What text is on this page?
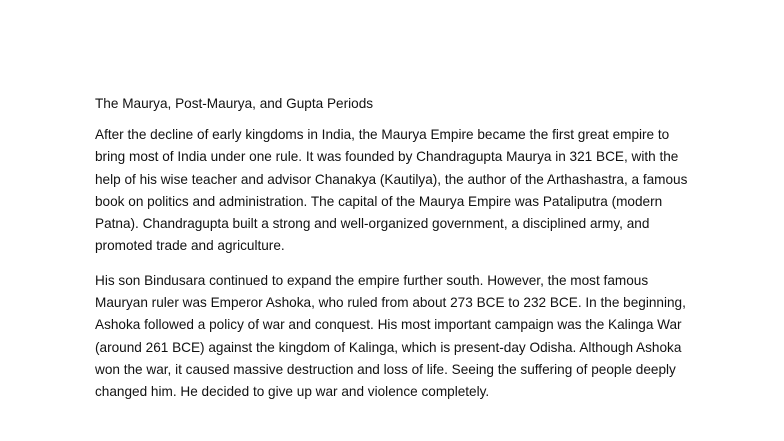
The Maurya, Post-Maurya, and Gupta Periods

After the decline of early kingdoms in India, the Maurya Empire became the first great empire to bring most of India under one rule. It was founded by Chandragupta Maurya in 321 BCE, with the help of his wise teacher and advisor Chanakya (Kautilya), the author of the Arthashastra, a famous book on politics and administration. The capital of the Maurya Empire was Pataliputra (modern Patna). Chandragupta built a strong and well-organized government, a disciplined army, and promoted trade and agriculture.

His son Bindusara continued to expand the empire further south. However, the most famous Mauryan ruler was Emperor Ashoka, who ruled from about 273 BCE to 232 BCE. In the beginning, Ashoka followed a policy of war and conquest. His most important campaign was the Kalinga War (around 261 BCE) against the kingdom of Kalinga, which is present-day Odisha. Although Ashoka won the war, it caused massive destruction and loss of life. Seeing the suffering of people deeply changed him. He decided to give up war and violence completely.
